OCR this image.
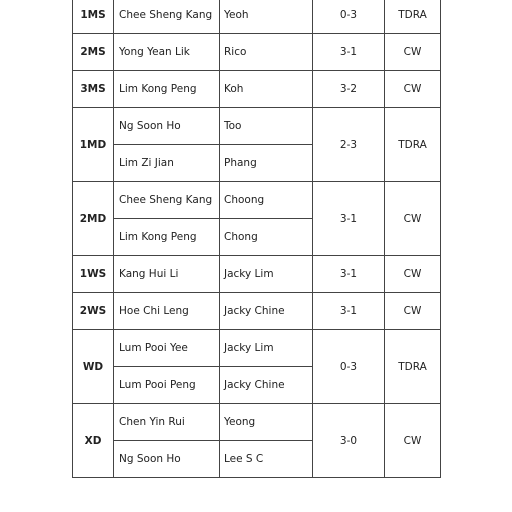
1MS	Chee Sheng Kang	Yeoh	0-3	TDRA
2MS	Yong Yean Lik	Rico	3-1	CW
3MS	Lim Kong Peng	Koh	3-2	CW
1MD	Ng Soon Ho	Too	2-3	TDRA
	Lim Zi Jian	Phang		
2MD	Chee Sheng Kang	Choong	3-1	CW
	Lim Kong Peng	Chong		
1WS	Kang Hui Li	Jacky Lim	3-1	CW
2WS	Hoe Chi Leng	Jacky Chine	3-1	CW
WD	Lum Pooi Yee	Jacky Lim	0-3	TDRA
	Lum Pooi Peng	Jacky Chine		
XD	Chen Yin Rui	Yeong	3-0	CW
	Ng Soon Ho	Lee S C		
